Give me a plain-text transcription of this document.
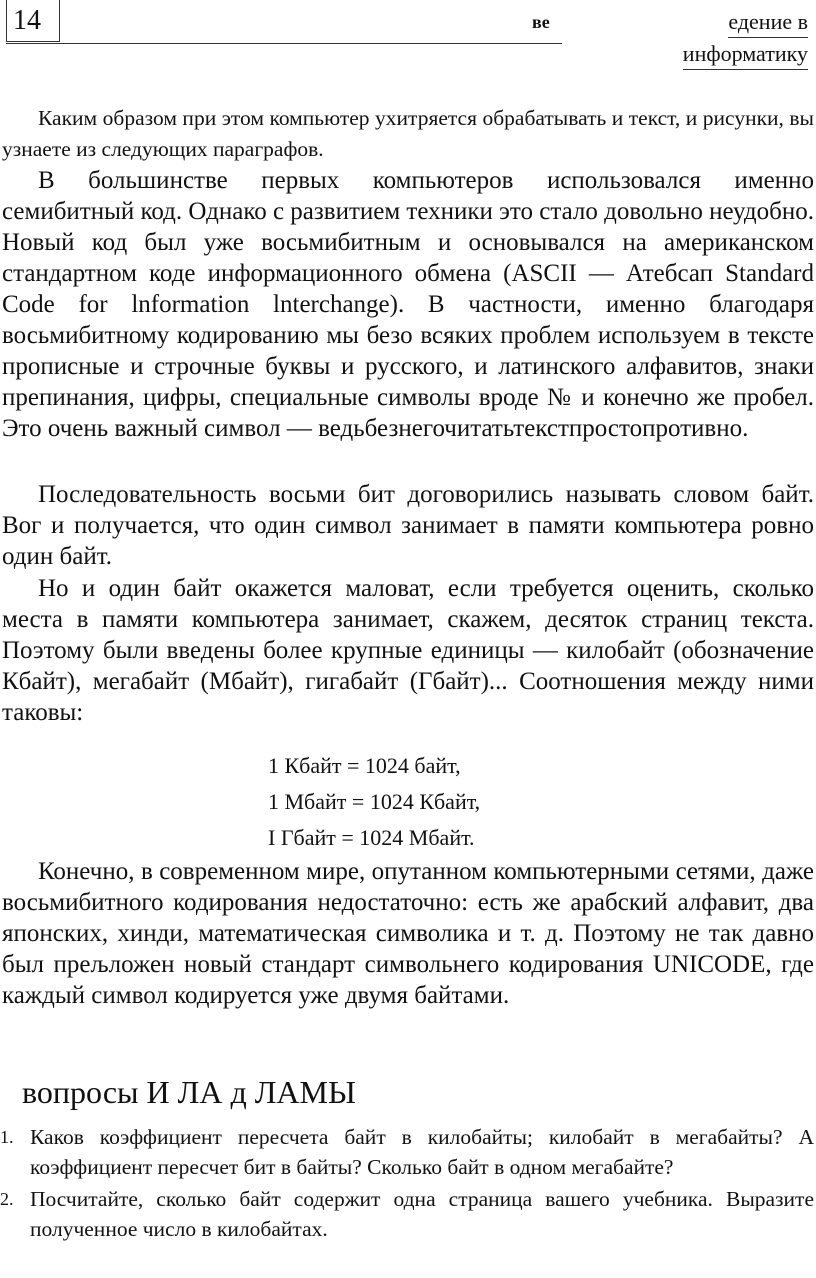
14	ве	едение в
информатику

Каким образом при этом компьютер ухитряется обрабатывать и текст, и рисунки, вы узнаете из следующих параграфов.

В большинстве первых компьютеров использовался именно семибитный код. Однако с развитием техники это стало довольно неудобно. Новый код был уже восьмибитным и основывался на американском стандартном коде информационного обмена (ASCII — Атебсап Standard Code for lnformation lnterchange). В частности, именно благодаря восьмибитному кодированию мы безо всяких проблем используем в тексте прописные и строчные буквы и русского, и латинского алфавитов, знаки препинания, цифры, специальные символы вроде № и конечно же пробел. Это очень важный символ — ведьбезнегочитатьтекстпростопротивно.

Последовательность восьми бит договорились называть словом байт. Вог и получается, что один символ занимает в памяти компьютера ровно один байт.

Но и один байт окажется маловат, если требуется оценить, сколько места в памяти компьютера занимает, скажем, десяток страниц текста. Поэтому были введены более крупные единицы — килобайт (обозначение Кбайт), мегабайт (Мбайт), гигабайт (Гбайт)... Соотношения между ними таковы:

1 Кбайт = 1024 байт,
1 Мбайт = 1024 Кбайт,
I Гбайт = 1024 Мбайт.

Конечно, в современном мире, опутанном компьютерными сетями, даже восьмибитного кодирования недостаточно: есть же арабский алфавит, два японских, хинди, математическая символика и т. д. Поэтому не так давно был прељложен новый стандарт символьнего кодирования UNICODE, где каждый символ кодируется уже двумя байтами.

вопросы И ЛА д ЛАМЫ
1. Каков коэффициент пересчета байт в килобайты; килобайт в мегабайты? А коэффициент пересчет бит в байты? Сколько байт в одном мегабайте?
2. Посчитайте, сколько байт содержит одна страница вашего учебника. Выразите полученное число в килобайтах.
